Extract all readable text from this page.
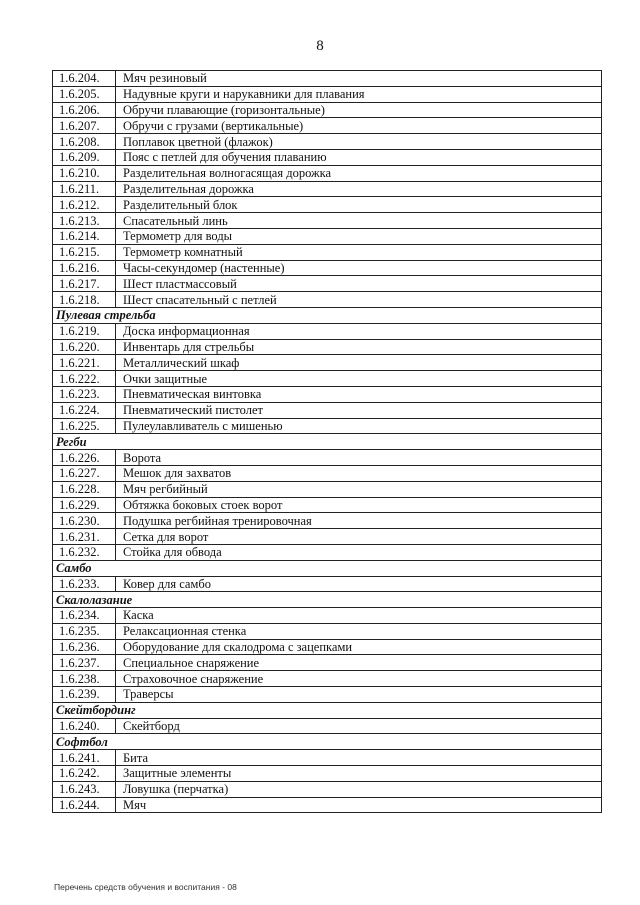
8
1.6.204.	Мяч резиновый
1.6.205.	Надувные круги и нарукавники для плавания
1.6.206.	Обручи плавающие (горизонтальные)
1.6.207.	Обручи с грузами (вертикальные)
1.6.208.	Поплавок цветной (флажок)
1.6.209.	Пояс с петлей для обучения плаванию
1.6.210.	Разделительная волногасящая дорожка
1.6.211.	Разделительная дорожка
1.6.212.	Разделительный блок
1.6.213.	Спасательный линь
1.6.214.	Термометр для воды
1.6.215.	Термометр комнатный
1.6.216.	Часы-секундомер (настенные)
1.6.217.	Шест пластмассовый
1.6.218.	Шест спасательный с петлей
Пулевая стрельба	
1.6.219.	Доска информационная
1.6.220.	Инвентарь для стрельбы
1.6.221.	Металлический шкаф
1.6.222.	Очки защитные
1.6.223.	Пневматическая винтовка
1.6.224.	Пневматический пистолет
1.6.225.	Пулеулавливатель с мишенью
Регби	
1.6.226.	Ворота
1.6.227.	Мешок для захватов
1.6.228.	Мяч регбийный
1.6.229.	Обтяжка боковых стоек ворот
1.6.230.	Подушка регбийная тренировочная
1.6.231.	Сетка для ворот
1.6.232.	Стойка для обвода
Самбо	
1.6.233.	Ковер для самбо
Скалолазание	
1.6.234.	Каска
1.6.235.	Релаксационная стенка
1.6.236.	Оборудование для скалодрома с зацепками
1.6.237.	Специальное снаряжение
1.6.238.	Страховочное снаряжение
1.6.239.	Траверсы
Скейтбординг	
1.6.240.	Скейтборд
Софтбол	
1.6.241.	Бита
1.6.242.	Защитные элементы
1.6.243.	Ловушка (перчатка)
1.6.244.	Мяч
Перечень средств обучения и воспитания - 08
